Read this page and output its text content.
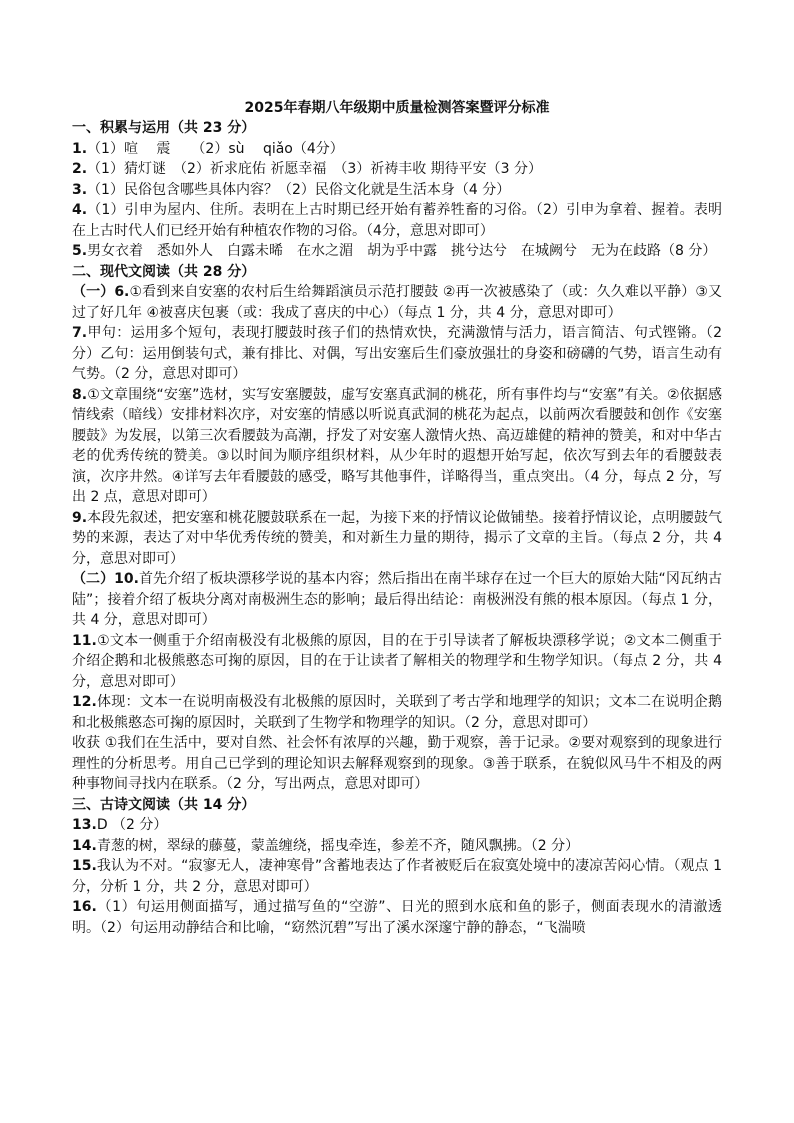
2025年春期八年级期中质量检测答案暨评分标准
一、积累与运用（共 23 分）
1.（1）喧　 震　　（2）sù　 qiǎo（4分）
2.（1）猜灯谜　（2）祈求庇佑 祈愿幸福　（3）祈祷丰收 期待平安（3 分）
3.（1）民俗包含哪些具体内容？（2）民俗文化就是生活本身（4 分）
4.（1）引申为屋内、住所。表明在上古时期已经开始有蓄养牲畜的习俗。（2）引申为拿着、握着。表明在上古时代人们已经开始有种植农作物的习俗。（4分，意思对即可）
5.男女衣着　悉如外人　白露未晞　在水之湄　胡为乎中露　挑兮达兮　在城阙兮　无为在歧路（8 分）
二、现代文阅读（共 28 分）
（一）6.①看到来自安塞的农村后生给舞蹈演员示范打腰鼓 ②再一次被感染了（或：久久难以平静）③又过了好几年 ④被喜庆包裹（或：我成了喜庆的中心）（每点 1 分，共 4 分，意思对即可）
7.甲句：运用多个短句，表现打腰鼓时孩子们的热情欢快，充满激情与活力，语言简洁、句式铿锵。（2 分）乙句：运用倒装句式，兼有排比、对偶，写出安塞后生们豪放强壮的身姿和磅礴的气势，语言生动有气势。（2 分，意思对即可）
8.①文章围绕“安塞”选材，实写安塞腰鼓，虚写安塞真武洞的桃花，所有事件均与“安塞”有关。②依据感情线索（暗线）安排材料次序，对安塞的情感以听说真武洞的桃花为起点，以前两次看腰鼓和创作《安塞腰鼓》为发展，以第三次看腰鼓为高潮，抒发了对安塞人激情火热、高迈雄健的精神的赞美，和对中华古老的优秀传统的赞美。③以时间为顺序组织材料，从少年时的遐想开始写起，依次写到去年的看腰鼓表演，次序井然。④详写去年看腰鼓的感受，略写其他事件，详略得当，重点突出。（4 分，每点 2 分，写出 2 点，意思对即可）
9.本段先叙述，把安塞和桃花腰鼓联系在一起，为接下来的抒情议论做铺垫。接着抒情议论，点明腰鼓气势的来源，表达了对中华优秀传统的赞美，和对新生力量的期待，揭示了文章的主旨。（每点 2 分，共 4 分，意思对即可）
（二）10.首先介绍了板块漂移学说的基本内容；然后指出在南半球存在过一个巨大的原始大陆“冈瓦纳古陆”；接着介绍了板块分离对南极洲生态的影响；最后得出结论：南极洲没有熊的根本原因。（每点 1 分，共 4 分，意思对即可）
11.①文本一侧重于介绍南极没有北极熊的原因，目的在于引导读者了解板块漂移学说；②文本二侧重于介绍企鹅和北极熊憨态可掬的原因，目的在于让读者了解相关的物理学和生物学知识。（每点 2 分，共 4 分，意思对即可）
12.体现：文本一在说明南极没有北极熊的原因时，关联到了考古学和地理学的知识；文本二在说明企鹅和北极熊憨态可掬的原因时，关联到了生物学和物理学的知识。（2 分，意思对即可）
收获 ①我们在生活中，要对自然、社会怀有浓厚的兴趣，勤于观察，善于记录。②要对观察到的现象进行理性的分析思考。用自己已学到的理论知识去解释观察到的现象。③善于联系，在貌似风马牛不相及的两种事物间寻找内在联系。（2 分，写出两点，意思对即可）
三、古诗文阅读（共 14 分）
13.D （2 分）
14.青葱的树，翠绿的藤蔓，蒙盖缠绕，摇曳牵连，参差不齐，随风飘拂。（2 分）
15.我认为不对。“寂寥无人，凄神寒骨”含蓄地表达了作者被贬后在寂寞处境中的凄凉苦闷心情。（观点 1 分，分析 1 分，共 2 分，意思对即可）
16.（1）句运用侧面描写，通过描写鱼的“空游”、日光的照到水底和鱼的影子，侧面表现水的清澈透明。（2）句运用动静结合和比喻，“窈然沉碧”写出了溪水深邃宁静的静态，“飞湍喷
